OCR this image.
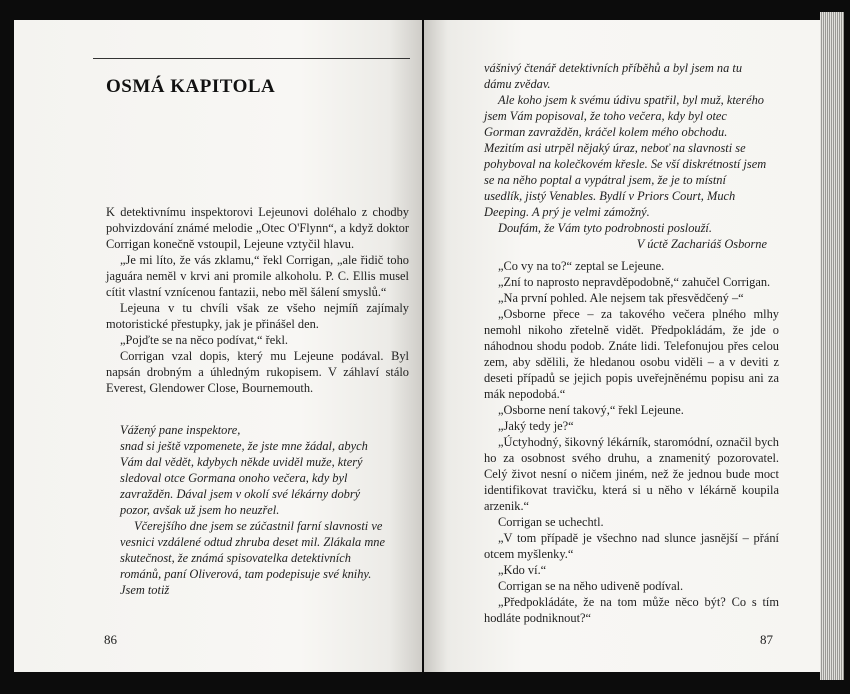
OSMÁ KAPITOLA

K detektivnímu inspektorovi Lejeunovi doléhalo z chodby pohvizdování známé melodie „Otec O'Flynn“, a když doktor Corrigan konečně vstoupil, Lejeune vztyčil hlavu.

„Je mi líto, že vás zklamu,“ řekl Corrigan, „ale řidič toho jaguára neměl v krvi ani promile alkoholu. P. C. Ellis musel cítit vlastní vznícenou fantazii, nebo měl šálení smyslů.“

Lejeuna v tu chvíli však ze všeho nejmíň zajímaly motoristické přestupky, jak je přinášel den.

„Pojďte se na něco podívat,“ řekl.

Corrigan vzal dopis, který mu Lejeune podával. Byl napsán drobným a úhledným rukopisem. V záhlaví stálo Everest, Glendower Close, Bournemouth.

Vážený pane inspektore,

snad si ještě vzpomenete, že jste mne žádal, abych Vám dal vědět, kdybych někde uviděl muže, který sledoval otce Gormana onoho večera, kdy byl zavražděn. Dával jsem v okolí své lékárny dobrý pozor, avšak už jsem ho neuzřel.

Včerejšího dne jsem se zúčastnil farní slavnosti ve vesnici vzdálené odtud zhruba deset mil. Zlákala mne skutečnost, že známá spisovatelka detektivních románů, paní Oliverová, tam podepisuje své knihy. Jsem totiž

86

vášnivý čtenář detektivních příběhů a byl jsem na tu dámu zvědav.

Ale koho jsem k svému údivu spatřil, byl muž, kterého jsem Vám popisoval, že toho večera, kdy byl otec Gorman zavražděn, kráčel kolem mého obchodu. Mezitím asi utrpěl nějaký úraz, neboť na slavnosti se pohyboval na kolečkovém křesle. Se vší diskrétností jsem se na něho poptal a vypátral jsem, že je to místní usedlík, jistý Venables. Bydlí v Priors Court, Much Deeping. A prý je velmi zámožný.

Doufám, že Vám tyto podrobnosti poslouží.

V úctě Zachariáš Osborne

„Co vy na to?“ zeptal se Lejeune.

„Zní to naprosto nepravděpodobně,“ zahučel Corrigan.

„Na první pohled. Ale nejsem tak přesvědčený –“

„Osborne přece – za takového večera plného mlhy nemohl nikoho zřetelně vidět. Předpokládám, že jde o náhodnou shodu podob. Znáte lidi. Telefonujou přes celou zem, aby sdělili, že hledanou osobu viděli – a v deviti z deseti případů se jejich popis uveřejněnému popisu ani za mák nepodobá.“

„Osborne není takový,“ řekl Lejeune.

„Jaký tedy je?“

„Úctyhodný, šikovný lékárník, staromódní, označil bych ho za osobnost svého druhu, a znamenitý pozorovatel. Celý život nesní o ničem jiném, než že jednou bude moct identifikovat travičku, která si u něho v lékárně koupila arzenik.“

Corrigan se uchechtl.

„V tom případě je všechno nad slunce jasnější – přání otcem myšlenky.“

„Kdo ví.“

Corrigan se na něho udiveně podíval.

„Předpokládáte, že na tom může něco být? Co s tím hodláte podniknout?“

87
